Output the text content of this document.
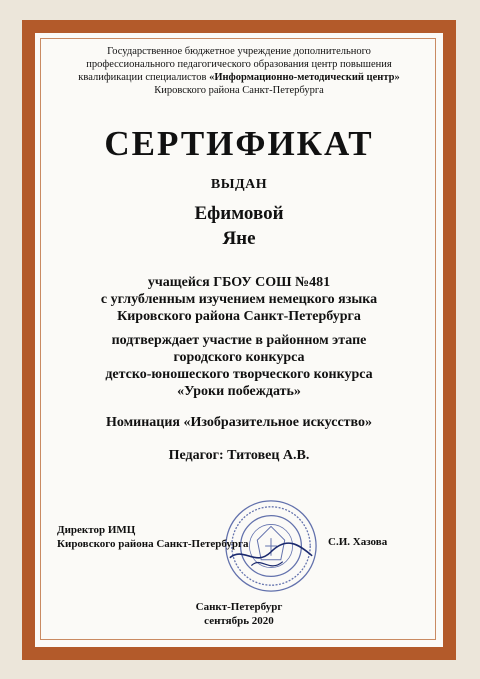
Государственное бюджетное учреждение дополнительного
профессионального педагогического образования центр повышения
квалификации специалистов «Информационно-методический центр»
Кировского района Санкт-Петербурга
СЕРТИФИКАТ
ВЫДАН
Ефимовой
Яне
учащейся ГБОУ СОШ №481
с углубленным изучением немецкого языка
Кировского района Санкт-Петербурга
подтверждает участие в районном этапе
городского конкурса
детско-юношеского творческого конкурса
«Уроки побеждать»
Номинация «Изобразительное искусство»
Педагог: Титовец А.В.
Директор ИМЦ
Кировского района Санкт-Петербурга	С.И. Хазова
Санкт-Петербург
сентябрь 2020
